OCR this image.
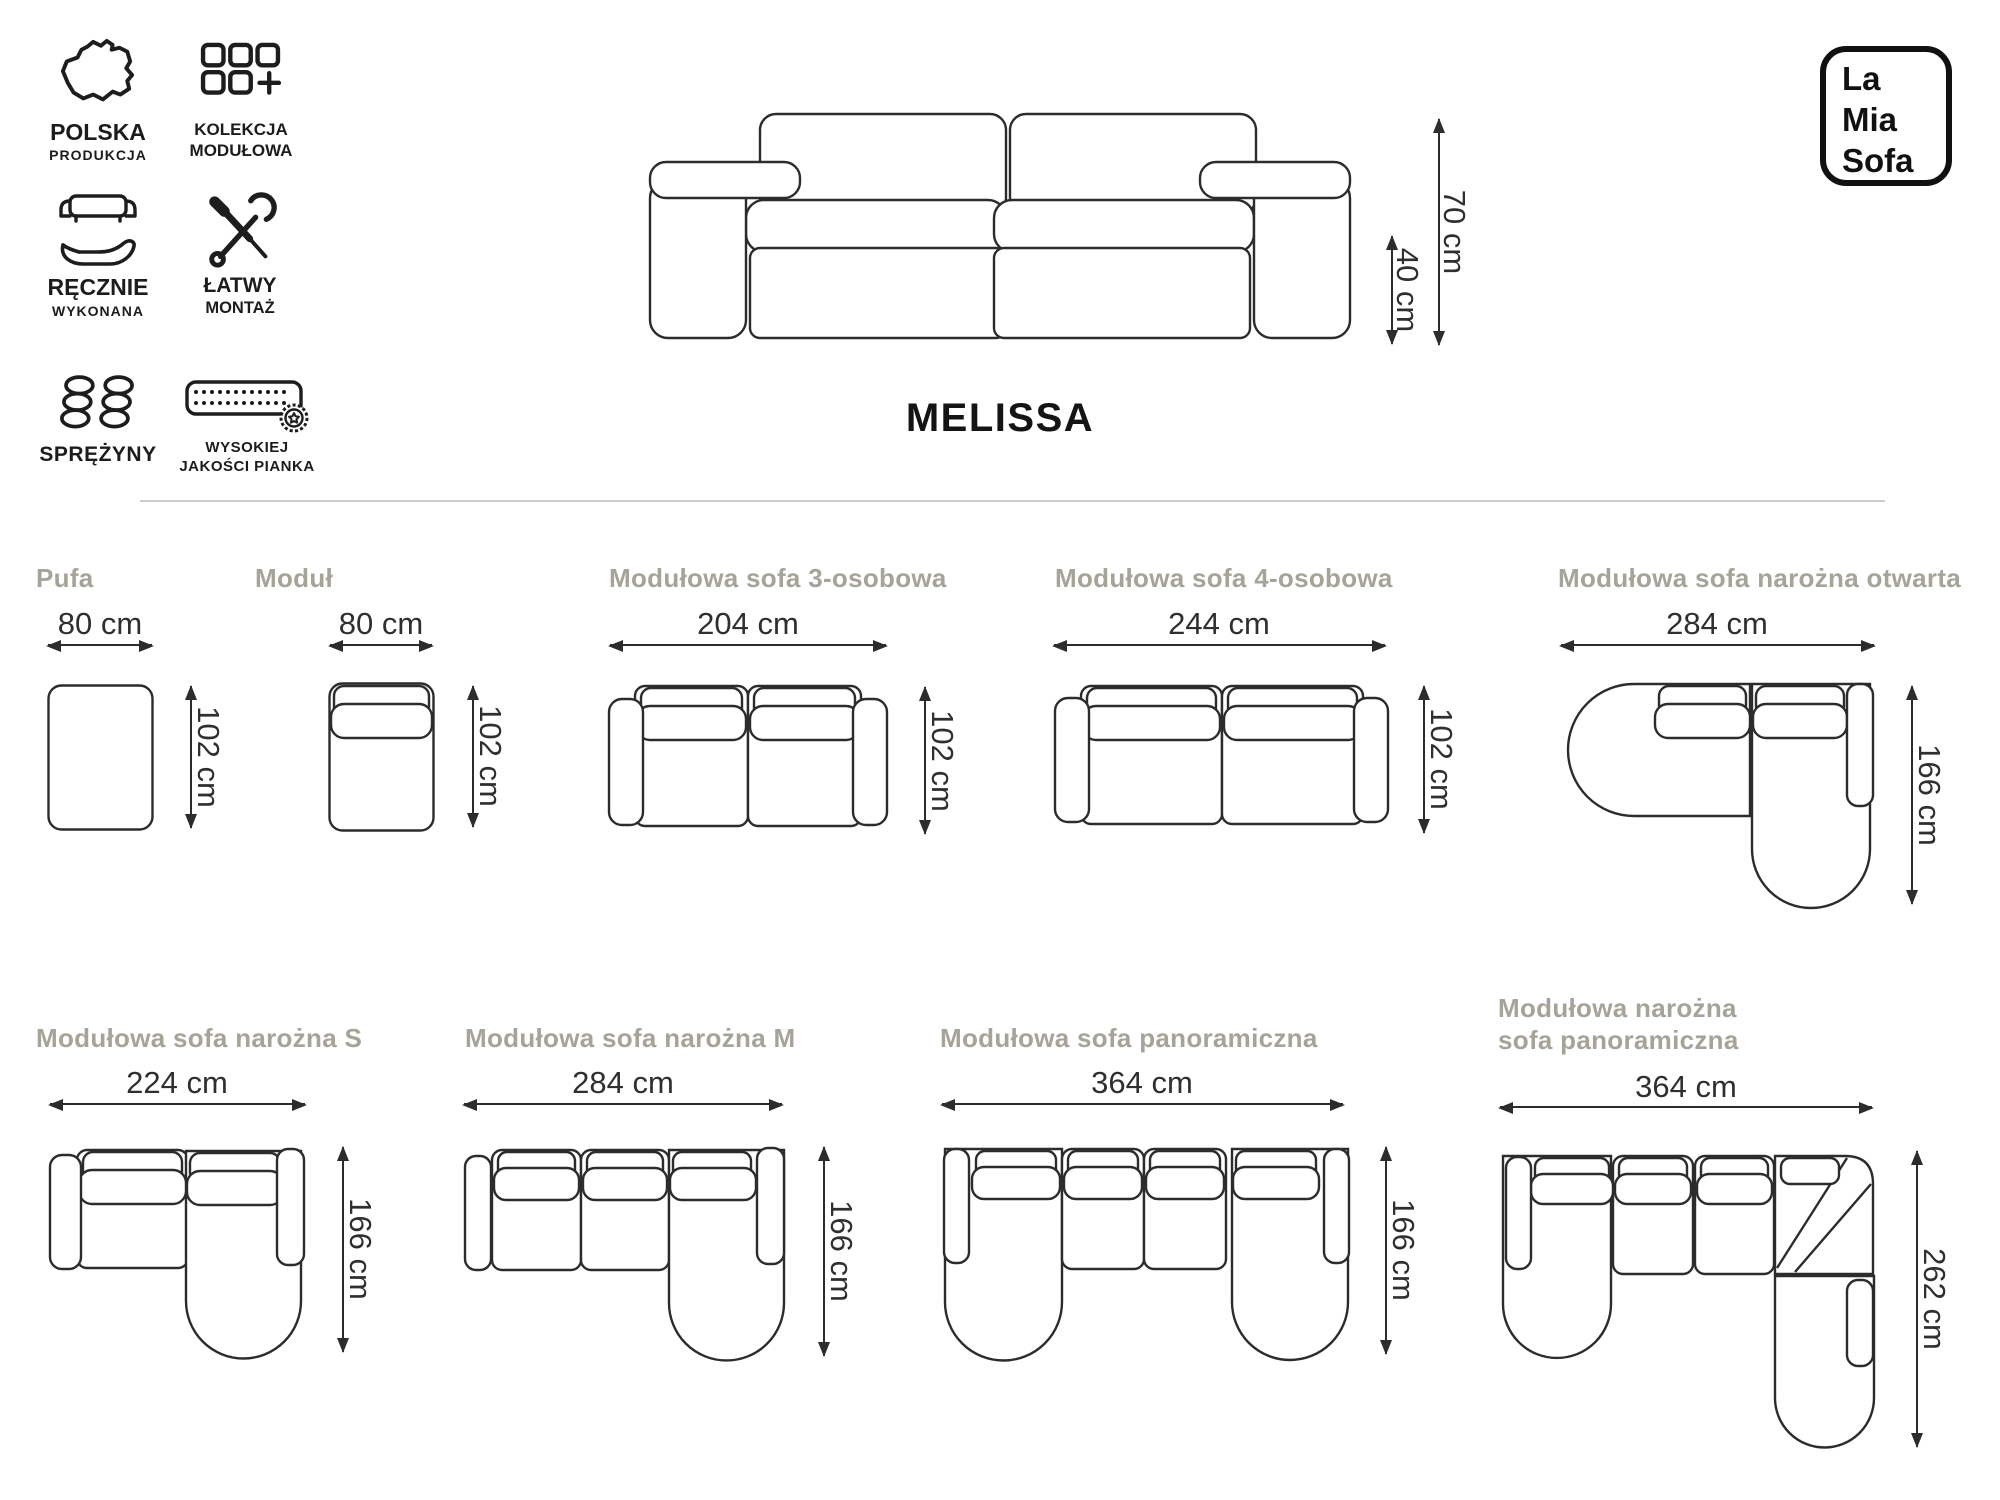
POLSKA
PRODUKCJA
KOLEKCJA
MODUŁOWA
RĘCZNIE
WYKONANA
ŁATWY
MONTAŻ
SPRĘŻYNY	WYSOKIEJ
JAKOŚCI PIANKA
La
Mia
Sofa
40 cm
70 cm
MELISSA
Pufa
80 cm
102 cm
Moduł
80 cm
102 cm
Modułowa sofa 3-osobowa
204 cm
102 cm
Modułowa sofa 4-osobowa
244 cm
102 cm
Modułowa sofa narożna otwarta
284 cm
166 cm
Modułowa sofa narożna S
224 cm
166 cm
Modułowa sofa narożna M
284 cm
166 cm
Modułowa sofa panoramiczna
364 cm
166 cm
Modułowa narożna
sofa panoramiczna
364 cm
262 cm
